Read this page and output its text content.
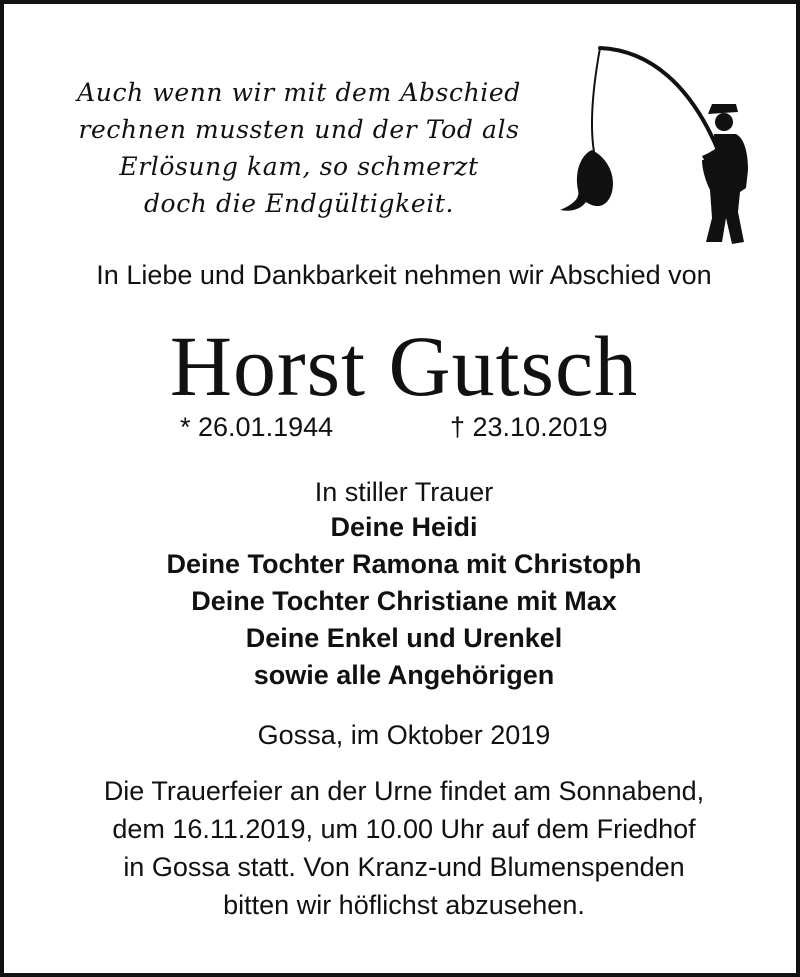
Auch wenn wir mit dem Abschied
rechnen mussten und der Tod als
Erlösung kam, so schmerzt
doch die Endgültigkeit.
In Liebe und Dankbarkeit nehmen wir Abschied von
Horst Gutsch
* 26.01.1944	† 23.10.2019
In stiller Trauer
Deine Heidi
Deine Tochter Ramona mit Christoph
Deine Tochter Christiane mit Max
Deine Enkel und Urenkel
sowie alle Angehörigen
Gossa, im Oktober 2019
Die Trauerfeier an der Urne findet am Sonnabend,
dem 16.11.2019, um 10.00 Uhr auf dem Friedhof
in Gossa statt. Von Kranz-und Blumenspenden
bitten wir höflichst abzusehen.
